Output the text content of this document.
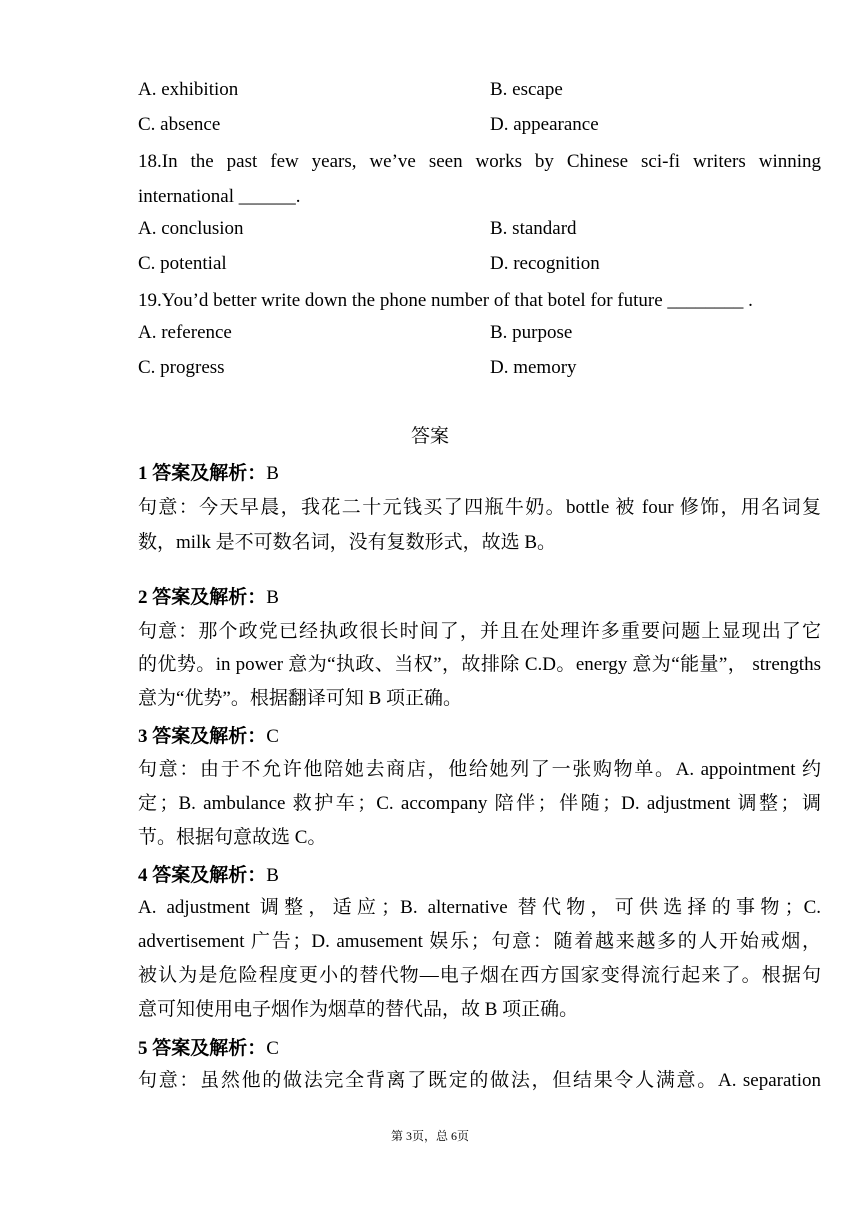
A. exhibition	B. escape
C. absence	D. appearance
18.In the past few years, we’ve seen works by Chinese sci-fi writers winning
international ______.
A. conclusion	B. standard
C. potential	D. recognition
19.You’d better write down the phone number of that botel for future ________ .
A. reference	B. purpose
C. progress	D. memory
答案
1 答案及解析：B
句意：今天早晨，我花二十元钱买了四瓶牛奶。bottle 被 four 修饰，用名词复
数，milk 是不可数名词，没有复数形式，故选 B。
2 答案及解析：B
句意：那个政党已经执政很长时间了，并且在处理许多重要问题上显现出了它
的优势。in power 意为“执政、当权”，故排除 C.D。energy 意为“能量”， strengths
意为“优势”。根据翻译可知 B 项正确。
3 答案及解析：C
句意：由于不允许他陪她去商店，他给她列了一张购物单。A. appointment 约
定；B. ambulance 救护车；C. accompany 陪伴；伴随；D. adjustment 调整；调
节。根据句意故选 C。
4 答案及解析：B
A. adjustment 调整，适应；B. alternative 替代物，可供选择的事物；C.
advertisement 广告；D. amusement 娱乐；句意：随着越来越多的人开始戒烟，
被认为是危险程度更小的替代物—电子烟在西方国家变得流行起来了。根据句
意可知使用电子烟作为烟草的替代品，故 B 项正确。
5 答案及解析：C
句意：虽然他的做法完全背离了既定的做法，但结果令人满意。A. separation
第 3页，总 6页
